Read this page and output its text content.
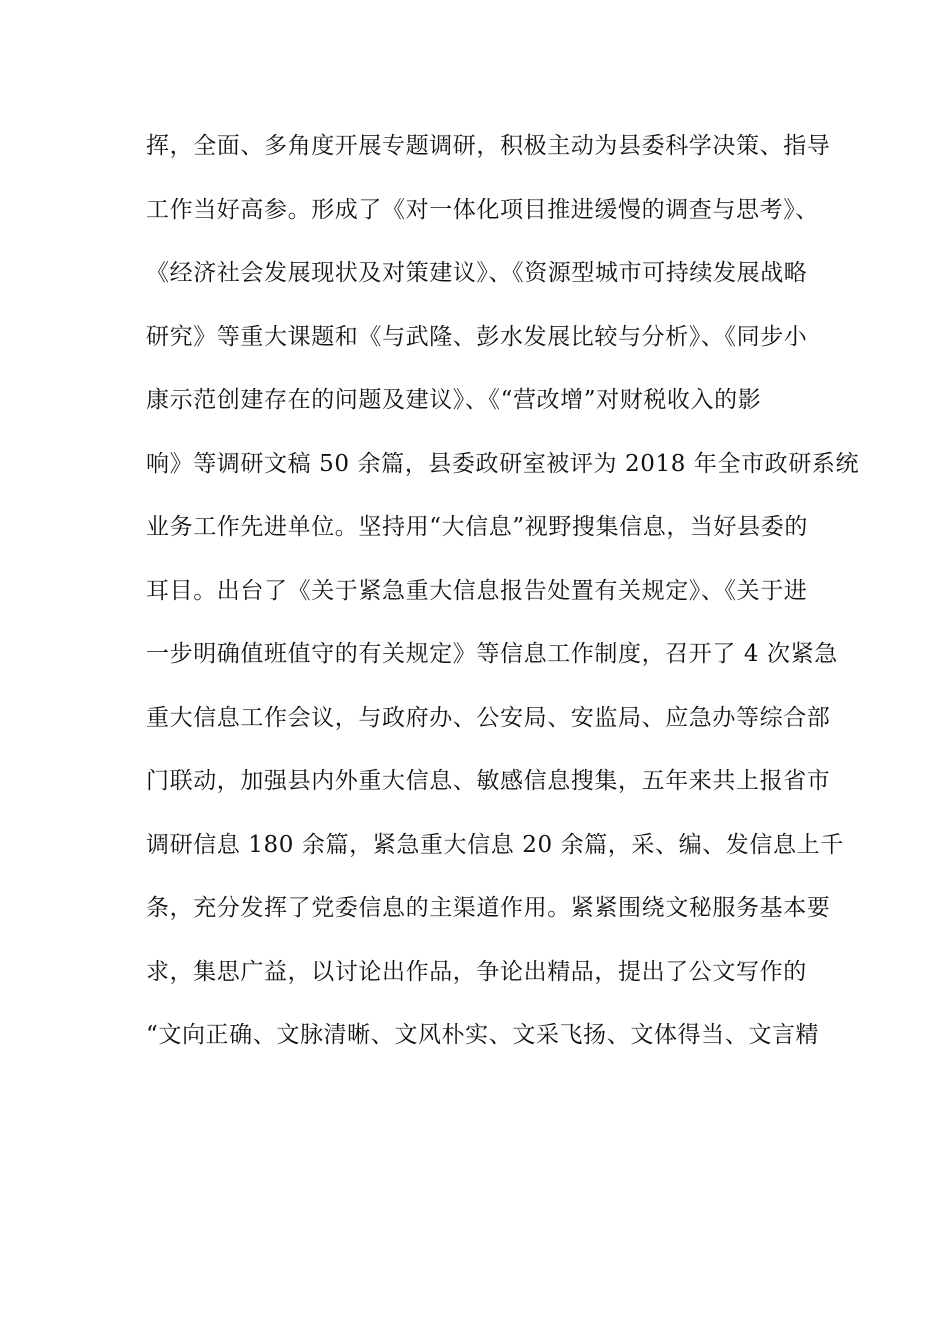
挥，全面、多角度开展专题调研，积极主动为县委科学决策、指导
工作当好高参。形成了《对一体化项目推进缓慢的调查与思考》、
《经济社会发展现状及对策建议》、《资源型城市可持续发展战略
研究》等重大课题和《与武隆、彭水发展比较与分析》、《同步小
康示范创建存在的问题及建议》、《“营改增”对财税收入的影
响》等调研文稿 50 余篇，县委政研室被评为 2018 年全市政研系统
业务工作先进单位。坚持用“大信息”视野搜集信息，当好县委的
耳目。出台了《关于紧急重大信息报告处置有关规定》、《关于进
一步明确值班值守的有关规定》等信息工作制度，召开了 4 次紧急
重大信息工作会议，与政府办、公安局、安监局、应急办等综合部
门联动，加强县内外重大信息、敏感信息搜集，五年来共上报省市
调研信息 180 余篇，紧急重大信息 20 余篇，采、编、发信息上千
条，充分发挥了党委信息的主渠道作用。紧紧围绕文秘服务基本要
求，集思广益，以讨论出作品，争论出精品，提出了公文写作的
“文向正确、文脉清晰、文风朴实、文采飞扬、文体得当、文言精
